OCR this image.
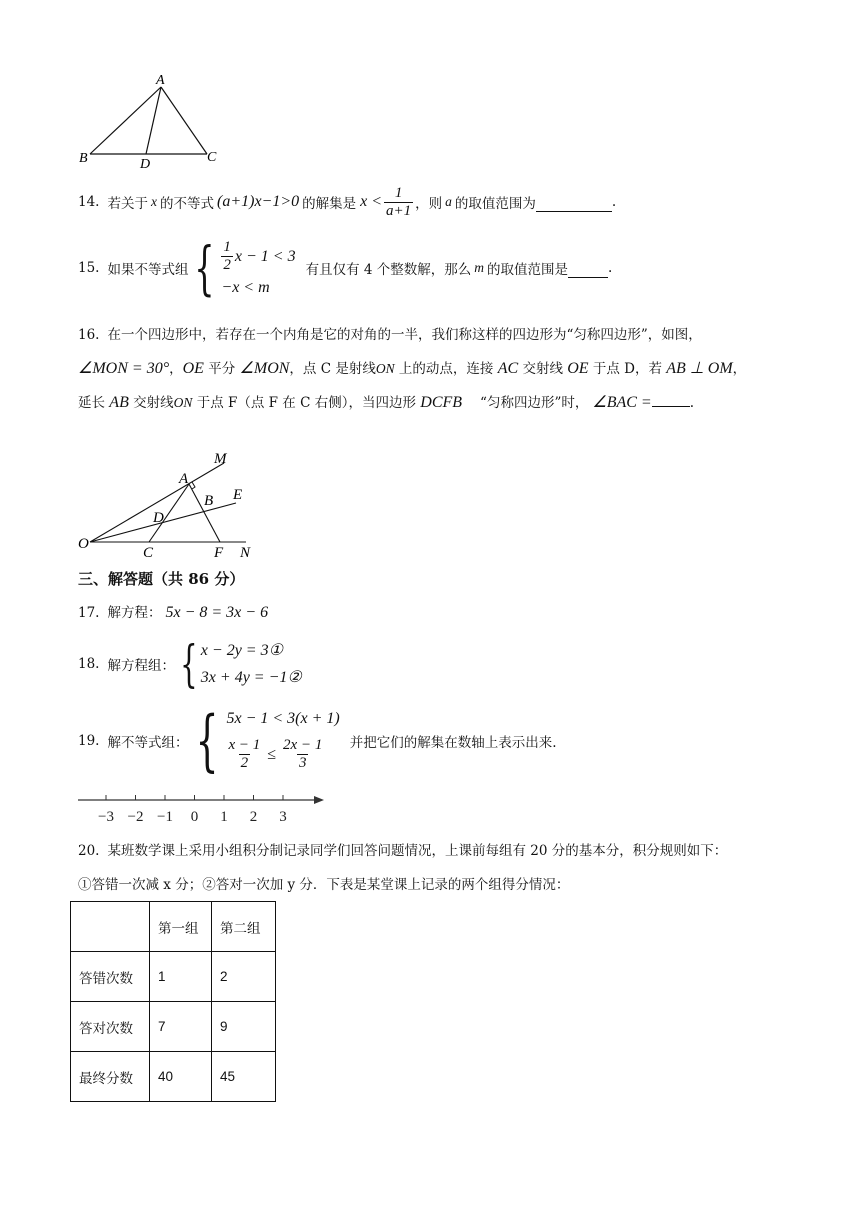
A
B	D	C
14. 若关于 x 的不等式 (a+1)x−1>0 的解集是 $x < \frac{1}{a+1}$ ，则 a 的取值范围为	.
15. 如果不等式组 { $\frac{1}{2}$ x − 1 < 3
−x < m
有且仅有 4 个整数解，那么 m 的取值范围是	.
16. 在一个四边形中，若存在一个内角是它的对角的一半，我们称这样的四边形为“匀称四边形”，如图，
∠MON = 30°，OE 平分 ∠MON，点 C 是射线ON 上的动点，连接 AC 交射线 OE 于点 D，若 AB ⊥ OM，
延长 AB 交射线ON 于点 F（点 F 在 C 右侧），当四边形 DCFB “匀称四边形”时， ∠BAC =	.
M
A
E
B
D
O
C	F N
三、解答题（共 86 分）
17. 解方程： 5x − 8 = 3x − 6
18. 解方程组： { x − 2y = 3①
3x + 4y = −1②
19. 解不等式组： { 5x − 1 < 3(x + 1)
$\frac{x - 1}{2} \le \frac{2x - 1}{3}$ 并把它们的解集在数轴上表示出来.
−3 −2 −1 0 1 2 3
20. 某班数学课上采用小组积分制记录同学们回答问题情况，上课前每组有 20 分的基本分，积分规则如下：
①答错一次减 x 分；②答对一次加 y 分．下表是某堂课上记录的两个组得分情况：
	第一组	第二组
答错次数	1	2
答对次数	7	9
最终分数	40	45
